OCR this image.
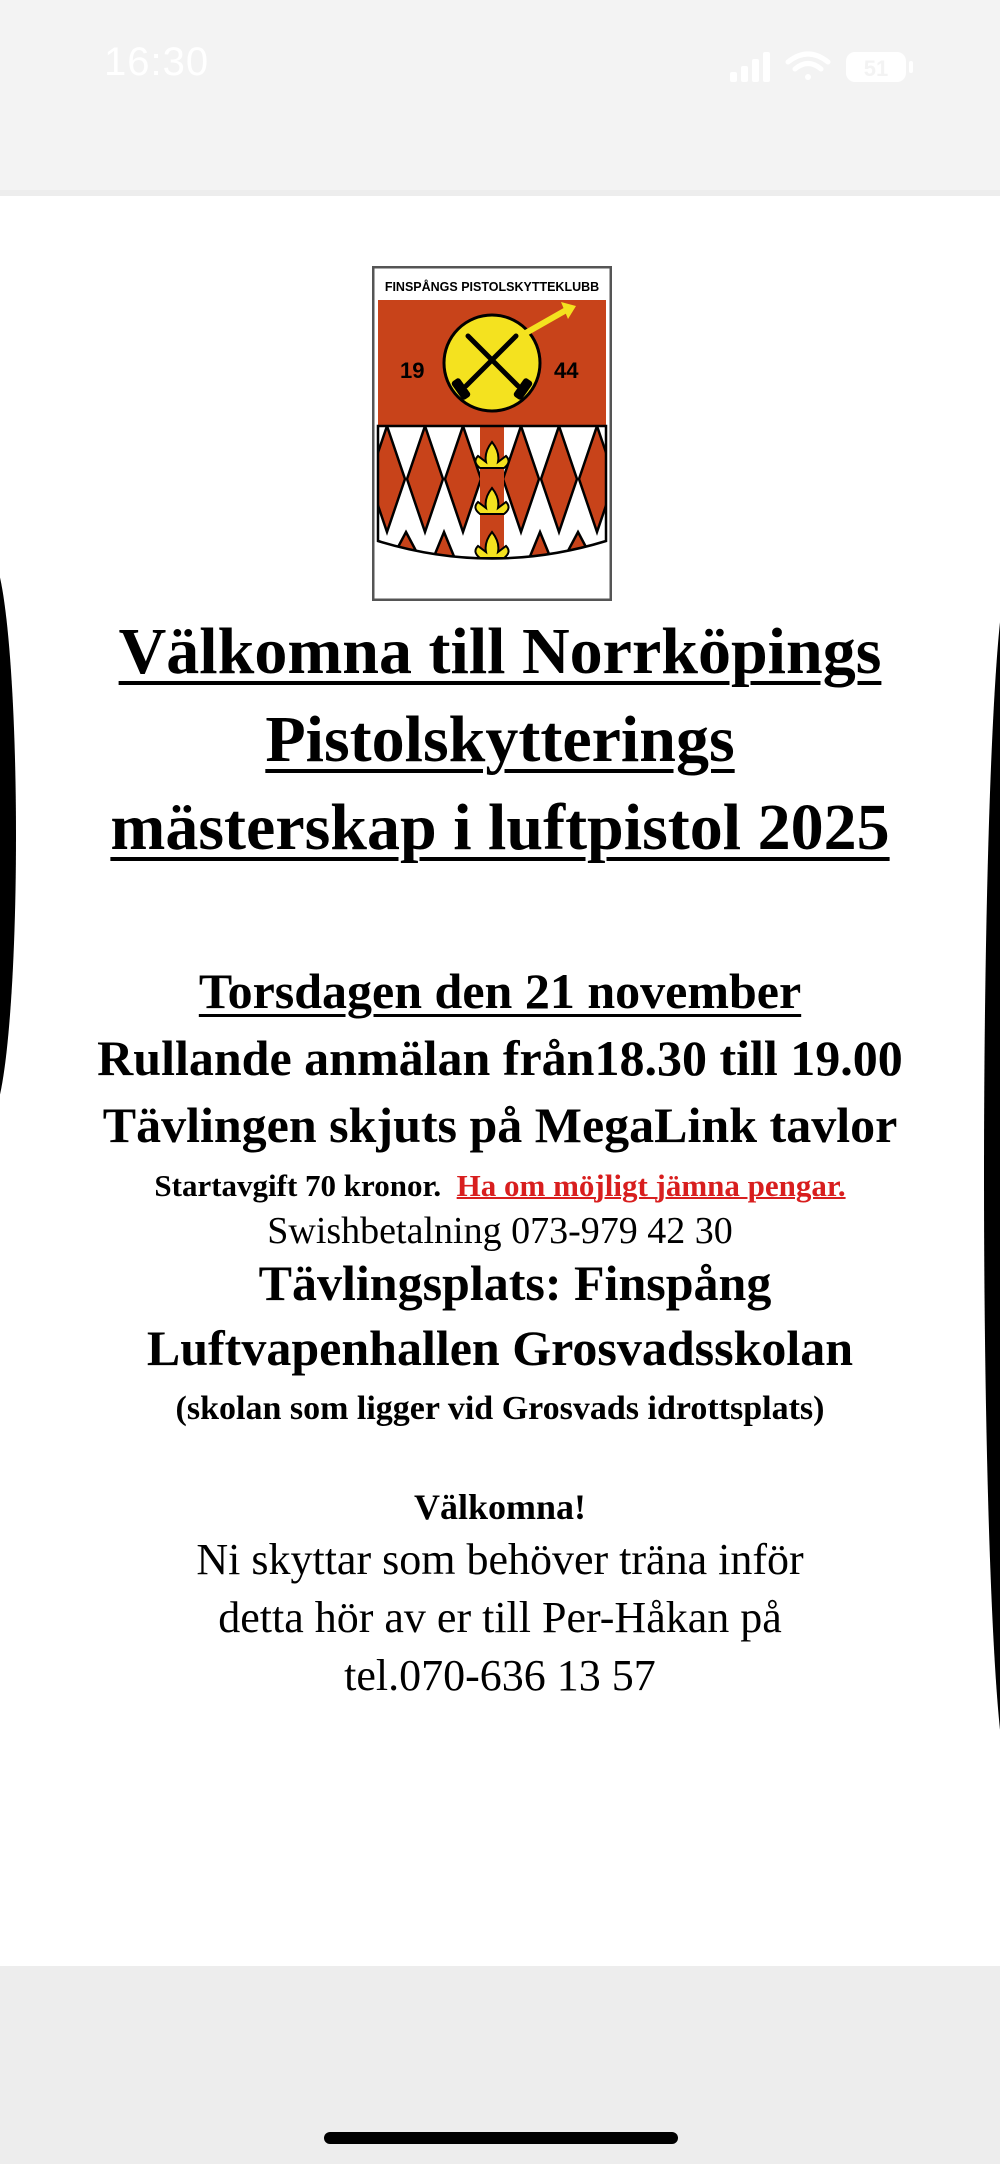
16:30	51
FINSPÅNGS PISTOLSKYTTEKLUBB
19	44

Välkomna till Norrköpings

Pistolskytterings

mästerskap i luftpistol 2025

Torsdagen den 21 november

Rullande anmälan från18.30 till 19.00

Tävlingen skjuts på MegaLink tavlor

Startavgift 70 kronor. Ha om möjligt jämna pengar.

Swishbetalning 073-979 42 30

Tävlingsplats: Finspång

Luftvapenhallen Grosvadsskolan

(skolan som ligger vid Grosvads idrottsplats)

Välkomna!

Ni skyttar som behöver träna inför

detta hör av er till Per-Håkan på

tel.070-636 13 57
